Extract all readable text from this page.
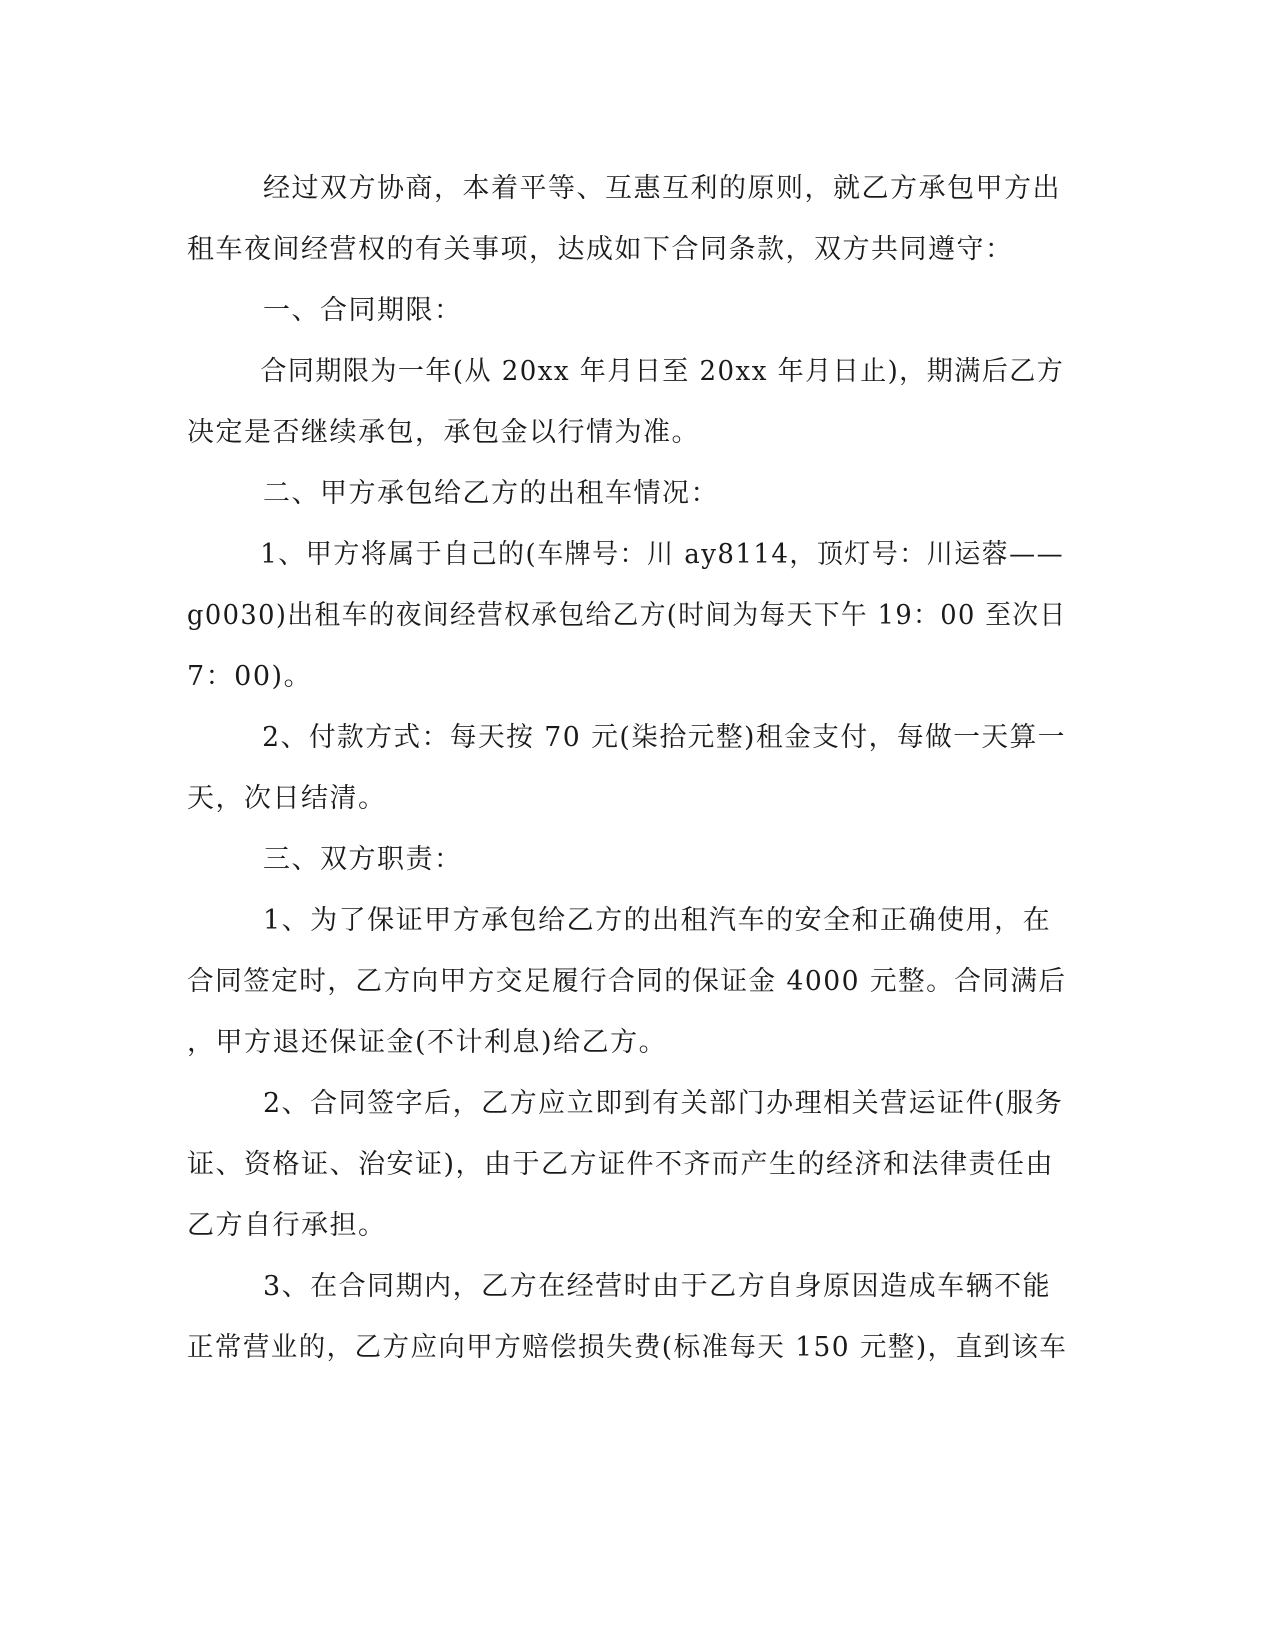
经过双方协商，本着平等、互惠互利的原则，就乙方承包甲方出
租车夜间经营权的有关事项，达成如下合同条款，双方共同遵守：
一、合同期限：
合同期限为一年(从 20xx 年月日至 20xx 年月日止)，期满后乙方
决定是否继续承包，承包金以行情为准。
二、甲方承包给乙方的出租车情况：
1、甲方将属于自己的(车牌号：川 ay8114，顶灯号：川运蓉——
g0030)出租车的夜间经营权承包给乙方(时间为每天下午 19：00 至次日
7：00)。
2、付款方式：每天按 70 元(柒拾元整)租金支付，每做一天算一
天，次日结清。
三、双方职责：
1、为了保证甲方承包给乙方的出租汽车的安全和正确使用，在
合同签定时，乙方向甲方交足履行合同的保证金 4000 元整。合同满后
，甲方退还保证金(不计利息)给乙方。
2、合同签字后，乙方应立即到有关部门办理相关营运证件(服务
证、资格证、治安证)，由于乙方证件不齐而产生的经济和法律责任由
乙方自行承担。
3、在合同期内，乙方在经营时由于乙方自身原因造成车辆不能
正常营业的，乙方应向甲方赔偿损失费(标准每天 150 元整)，直到该车
